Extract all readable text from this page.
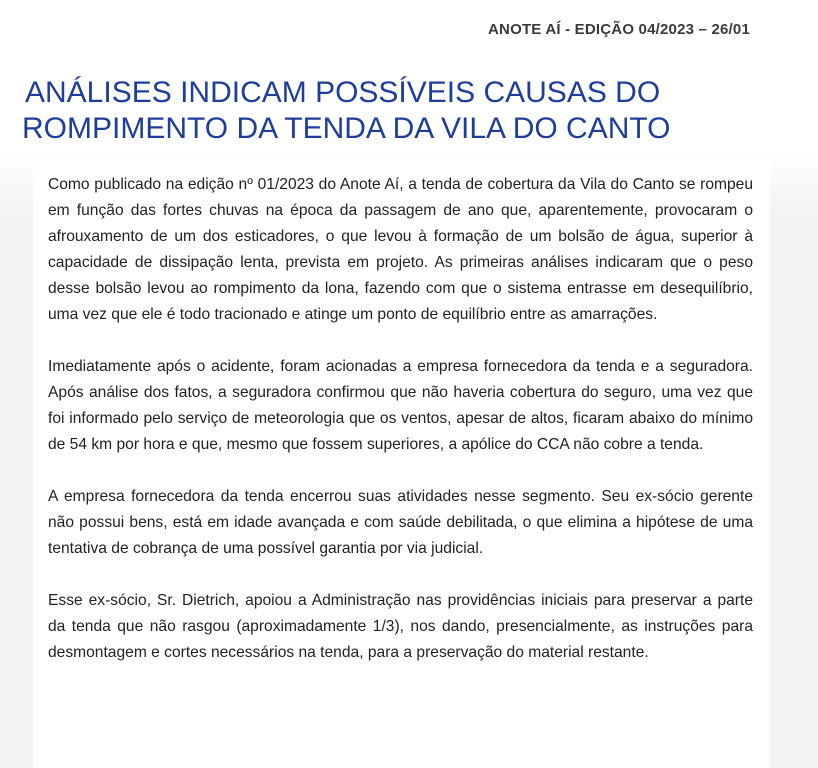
ANOTE AÍ - EDIÇÃO 04/2023 – 26/01
ANÁLISES INDICAM POSSÍVEIS CAUSAS DO
ROMPIMENTO DA TENDA DA VILA DO CANTO

Como publicado na edição nº 01/2023 do Anote Aí, a tenda de cobertura da Vila do Canto se rompeu em função das fortes chuvas na época da passagem de ano que, aparentemente, provocaram o afrouxamento de um dos esticadores, o que levou à formação de um bolsão de água, superior à capacidade de dissipação lenta, prevista em projeto. As primeiras análises indicaram que o peso desse bolsão levou ao rompimento da lona, fazendo com que o sistema entrasse em desequilíbrio, uma vez que ele é todo tracionado e atinge um ponto de equilíbrio entre as amarrações.

Imediatamente após o acidente, foram acionadas a empresa fornecedora da tenda e a seguradora. Após análise dos fatos, a seguradora confirmou que não haveria cobertura do seguro, uma vez que foi informado pelo serviço de meteorologia que os ventos, apesar de altos, ficaram abaixo do mínimo de 54 km por hora e que, mesmo que fossem superiores, a apólice do CCA não cobre a tenda.

A empresa fornecedora da tenda encerrou suas atividades nesse segmento. Seu ex-sócio gerente não possui bens, está em idade avançada e com saúde debilitada, o que elimina a hipótese de uma tentativa de cobrança de uma possível garantia por via judicial.

Esse ex-sócio, Sr. Dietrich, apoiou a Administração nas providências iniciais para preservar a parte da tenda que não rasgou (aproximadamente 1/3), nos dando, presencialmente, as instruções para desmontagem e cortes necessários na tenda, para a preservação do material restante.
